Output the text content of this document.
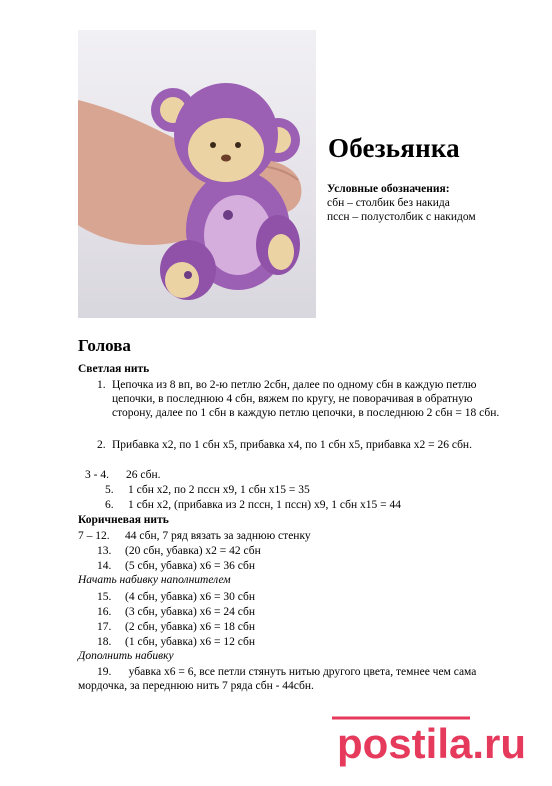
Обезьянка
Условные обозначения:
сбн – столбик без накида
пссн – полустолбик с накидом
Голова
Светлая нить
1. Цепочка из 8 вп, во 2-ю петлю 2сбн, далее по одному сбн в каждую петлю цепочки, в последнюю 4 сбн, вяжем по кругу, не поворачивая в обратную сторону, далее по 1 сбн в каждую петлю цепочки, в последнюю 2 сбн = 18 сбн.
2. Прибавка х2, по 1 сбн х5, прибавка х4, по 1 сбн х5, прибавка х2 = 26 сбн.
3 - 4. 26 сбн.
5. 1 сбн х2, по 2 пссн х9, 1 сбн х15 = 35
6. 1 сбн х2, (прибавка из 2 пссн, 1 пссн) х9, 1 сбн х15 = 44
Коричневая нить
7 – 12. 44 сбн, 7 ряд вязать за заднюю стенку
13. (20 сбн, убавка) х2 = 42 сбн
14. (5 сбн, убавка) х6 = 36 сбн
Начать набивку наполнителем
15. (4 сбн, убавка) х6 = 30 сбн
16. (3 сбн, убавка) х6 = 24 сбн
17. (2 сбн, убавка) х6 = 18 сбн
18. (1 сбн, убавка) х6 = 12 сбн
Дополнить набивку
19. убавка х6 = 6, все петли стянуть нитью другого цвета, темнее чем сама мордочка, за переднюю нить 7 ряда сбн - 44сбн.
postila.ru
